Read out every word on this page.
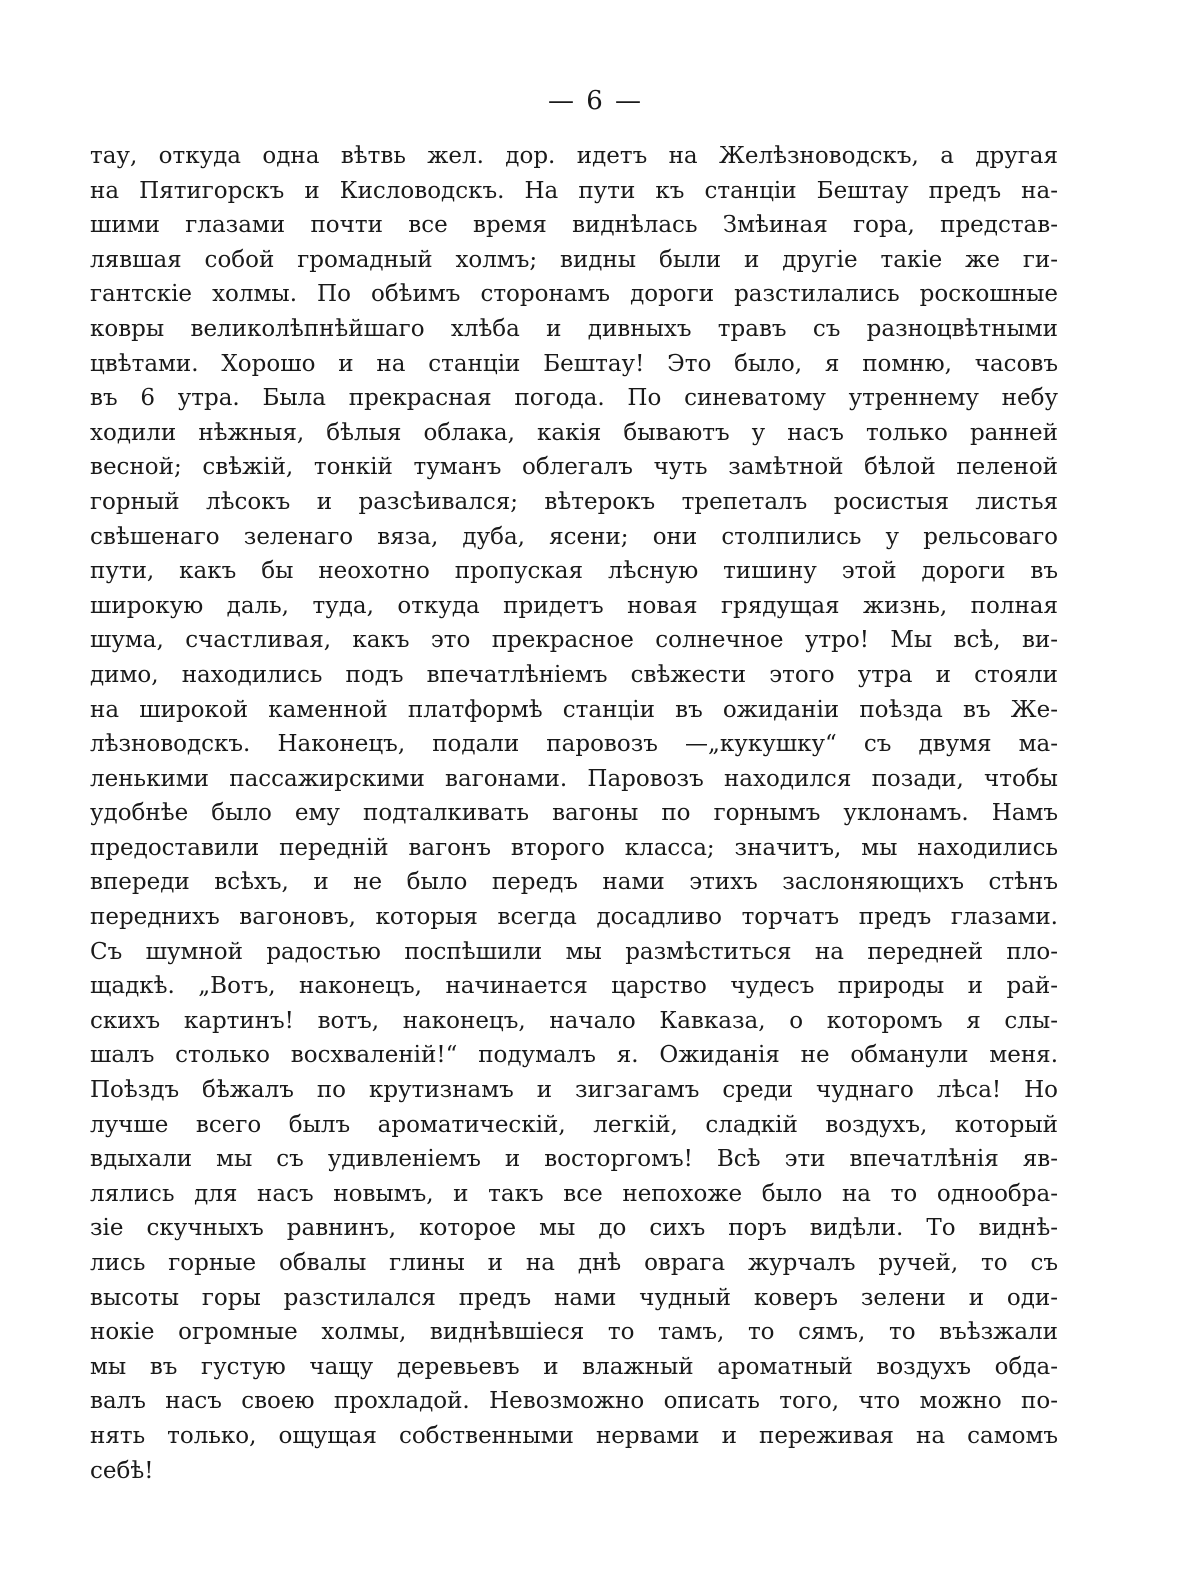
— 6 —
тау, откуда одна вѣтвь жел. дор. идетъ на Желѣзноводскъ, а другая
на Пятигорскъ и Кисловодскъ. На пути къ станціи Бештау предъ на-
шими глазами почти все время виднѣлась Змѣиная гора, представ-
лявшая собой громадный холмъ; видны были и другіе такіе же ги-
гантскіе холмы. По обѣимъ сторонамъ дороги разстилались роскошные
ковры великолѣпнѣйшаго хлѣба и дивныхъ травъ съ разноцвѣтными
цвѣтами. Хорошо и на станціи Бештау! Это было, я помню, часовъ
въ 6 утра. Была прекрасная погода. По синеватому утреннему небу
ходили нѣжныя, бѣлыя облака, какія бываютъ у насъ только ранней
весной; свѣжій, тонкій туманъ облегалъ чуть замѣтной бѣлой пеленой
горный лѣсокъ и разсѣивался; вѣтерокъ трепеталъ росистыя листья
свѣшенаго зеленаго вяза, дуба, ясени; они столпились у рельсоваго
пути, какъ бы неохотно пропуская лѣсную тишину этой дороги въ
широкую даль, туда, откуда придетъ новая грядущая жизнь, полная
шума, счастливая, какъ это прекрасное солнечное утро! Мы всѣ, ви-
димо, находились подъ впечатлѣніемъ свѣжести этого утра и стояли
на широкой каменной платформѣ станціи въ ожиданіи поѣзда въ Же-
лѣзноводскъ. Наконецъ, подали паровозъ —„кукушку“ съ двумя ма-
ленькими пассажирскими вагонами. Паровозъ находился позади, чтобы
удобнѣе было ему подталкивать вагоны по горнымъ уклонамъ. Намъ
предоставили переднiй вагонъ второго класса; значитъ, мы находились
впереди всѣхъ, и не было передъ нами этихъ заслоняющихъ стѣнъ
переднихъ вагоновъ, которыя всегда досадливо торчатъ предъ глазами.
Съ шумной радостью поспѣшили мы размѣститься на передней пло-
щадкѣ. „Вотъ, наконецъ, начинается царство чудесъ природы и рай-
скихъ картинъ! вотъ, наконецъ, начало Кавказа, о которомъ я слы-
шалъ столько восхваленій!“ подумалъ я. Ожиданія не обманули меня.
Поѣздъ бѣжалъ по крутизнамъ и зигзагамъ среди чуднаго лѣса! Но
лучше всего былъ ароматическій, легкій, сладкій воздухъ, который
вдыхали мы съ удивленіемъ и восторгомъ! Всѣ эти впечатлѣнія яв-
лялись для насъ новымъ, и такъ все непохоже было на то однообра-
зіе скучныхъ равнинъ, которое мы до сихъ поръ видѣли. То виднѣ-
лись горные обвалы глины и на днѣ оврага журчалъ ручей, то съ
высоты горы разстилался предъ нами чудный коверъ зелени и оди-
нокіе огромные холмы, виднѣвшіеся то тамъ, то сямъ, то въѣзжали
мы въ густую чащу деревьевъ и влажный ароматный воздухъ обда-
валъ насъ своею прохладой. Невозможно описать того, что можно по-
нять только, ощущая собственными нервами и переживая на самомъ
себѣ!
